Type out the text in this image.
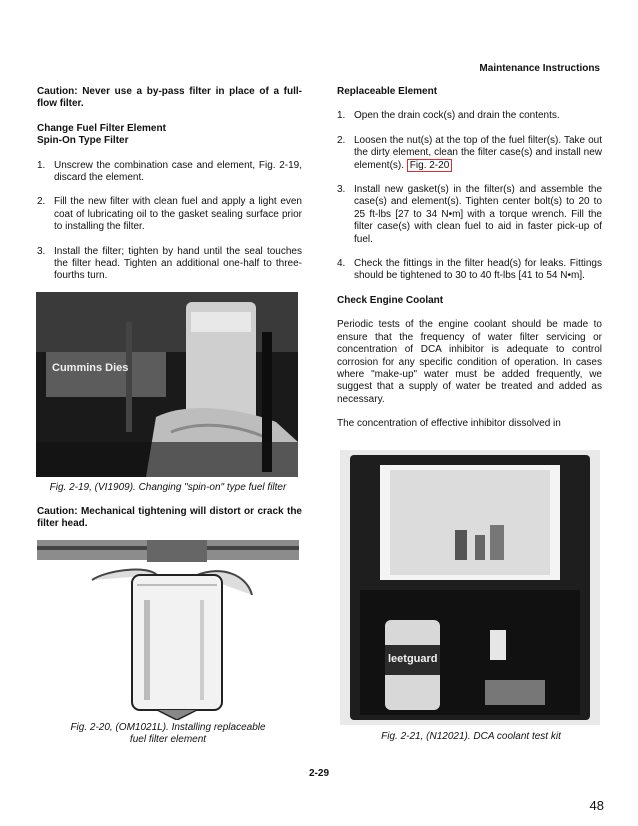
Maintenance Instructions

Caution: Never use a by-pass filter in place of a full-flow filter.

Change Fuel Filter Element
Spin-On Type Filter
1. Unscrew the combination case and element, Fig. 2-19, discard the element.
2. Fill the new filter with clean fuel and apply a light even coat of lubricating oil to the gasket sealing surface prior to installing the filter.
3. Install the filter; tighten by hand until the seal touches the filter head. Tighten an additional one-half to three-fourths turn.
Cummins Dies
Fig. 2-19, (VI1909). Changing "spin-on" type fuel filter
Caution: Mechanical tightening will distort or crack the filter head.
Fig. 2-20, (OM1021L). Installing replaceable
fuel filter element
Replaceable Element
1. Open the drain cock(s) and drain the contents.
2. Loosen the nut(s) at the top of the fuel filter(s). Take out the dirty element, clean the filter case(s) and install new element(s). Fig. 2-20
3. Install new gasket(s) in the filter(s) and assemble the case(s) and element(s). Tighten center bolt(s) to 20 to 25 ft-lbs [27 to 34 N•m] with a torque wrench. Fill the filter case(s) with clean fuel to aid in faster pick-up of fuel.
4. Check the fittings in the filter head(s) for leaks. Fittings should be tightened to 30 to 40 ft-lbs [41 to 54 N•m].
Check Engine Coolant

Periodic tests of the engine coolant should be made to ensure that the frequency of water filter servicing or concentration of DCA inhibitor is adequate to control corrosion for any specific condition of operation. In cases where "make-up" water must be added frequently, we suggest that a supply of water be treated and added as necessary.

The concentration of effective inhibitor dissolved in

leetguard
Fig. 2-21, (N12021). DCA coolant test kit
2-29
48
